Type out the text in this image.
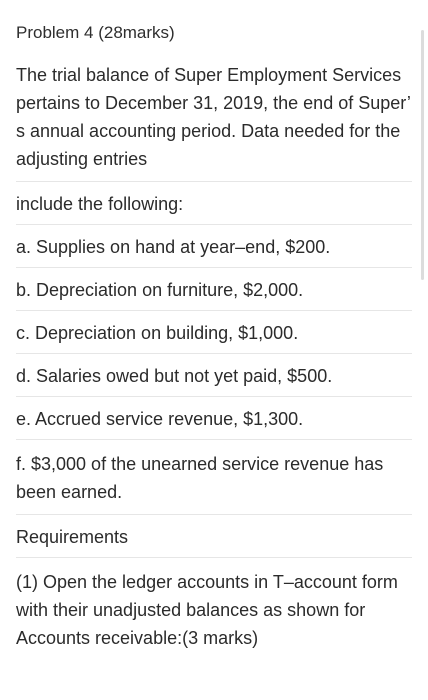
Problem 4 (28marks)
The trial balance of Super Employment Services pertains to December 31, 2019, the end of Super’ s annual accounting period. Data needed for the adjusting entries
include the following:
a. Supplies on hand at year–end, $200.
b. Depreciation on furniture, $2,000.
c. Depreciation on building, $1,000.
d. Salaries owed but not yet paid, $500.
e. Accrued service revenue, $1,300.
f. $3,000 of the unearned service revenue has been earned.
Requirements
(1) Open the ledger accounts in T–account form with their unadjusted balances as shown for Accounts receivable:(3 marks)
